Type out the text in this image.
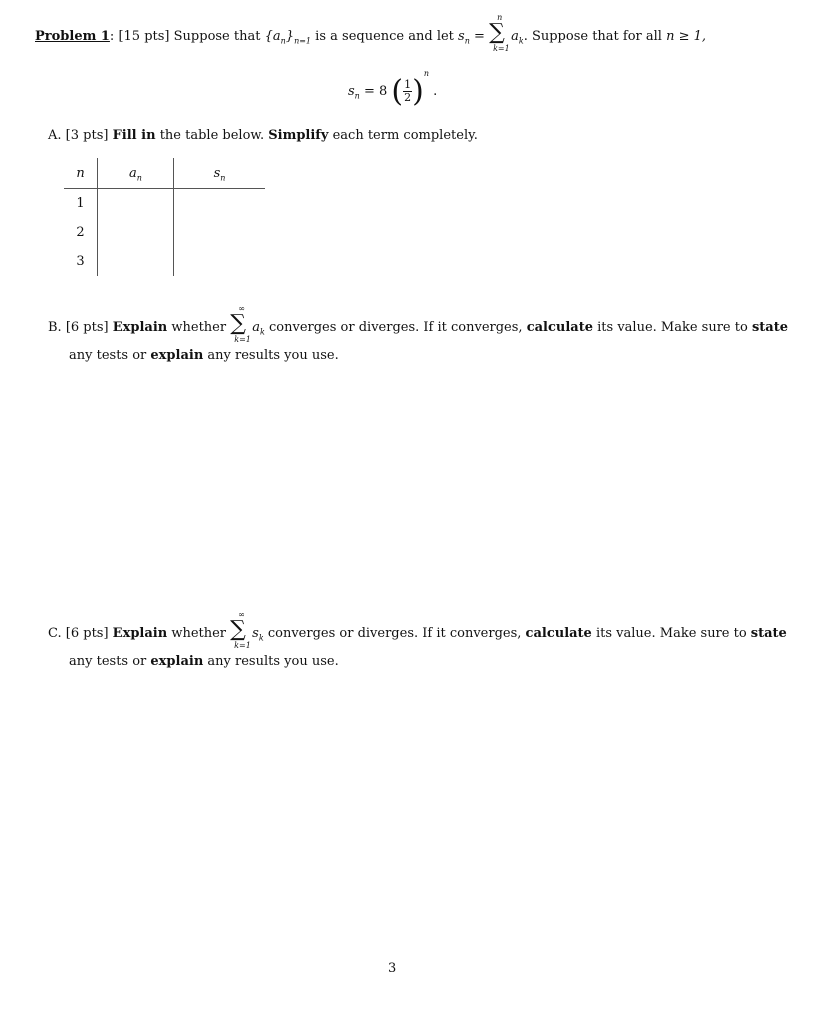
Problem 1: [15 pts] Suppose that $\{a_n\}_{n=1}$ is a sequence and let $s_n$ = ∑
n
k=1
$a_k$. Suppose that for all n ≥ 1,
$s_n = 8$ ( $\frac{1}{2} )^n$ .
A. [3 pts] Fill in the table below. Simplify each term completely.
n	$a_n$	$s_n$
1		
2		
3		
B. [6 pts] Explain whether ∑
∞
k=1
$a_k$ converges or diverges. If it converges, calculate its value. Make sure to state
any tests or explain any results you use.
C. [6 pts] Explain whether ∑
∞
k=1
$s_k$ converges or diverges. If it converges, calculate its value. Make sure to state
any tests or explain any results you use.
3
